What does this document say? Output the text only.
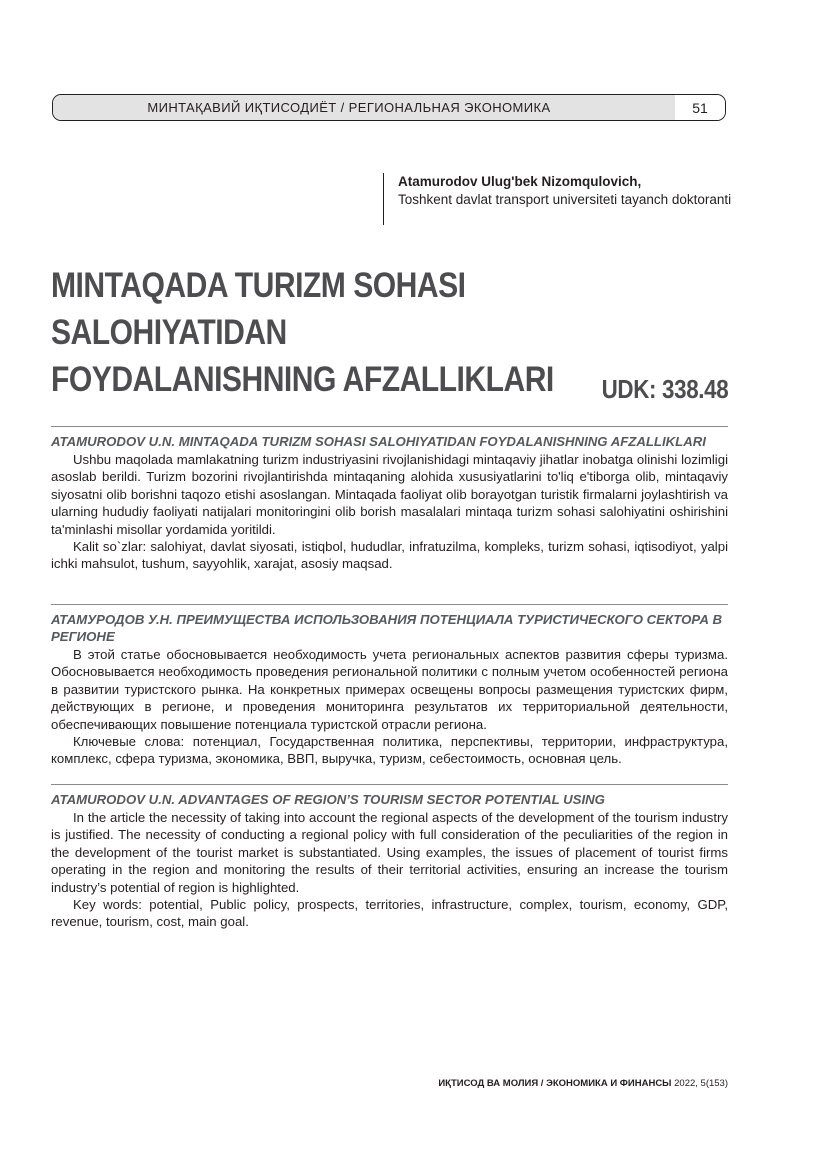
МИНТАҚАВИЙ ИҚТИСОДИЁТ / РЕГИОНАЛЬНАЯ ЭКОНОМИКА	51
Atamurodov Ulug'bek Nizomqulovich,
Toshkent davlat transport universiteti tayanch doktoranti
MINTAQADA TURIZM SOHASI SALOHIYATIDAN
FOYDALANISHNING AFZALLIKLARI	UDK: 338.48
ATAMURODOV U.N. MINTAQADA TURIZM SOHASI SALOHIYATIDAN FOYDALANISHNING AFZALLIKLARI

Ushbu maqolada mamlakatning turizm industriyasini rivojlanishidagi mintaqaviy jihatlar inobatga olinishi lozimligi asoslab berildi. Turizm bozorini rivojlantirishda mintaqaning alohida xususiyatlarini to'liq e'tiborga olib, mintaqaviy siyosatni olib borishni taqozo etishi asoslangan. Mintaqada faoliyat olib borayotgan turistik firmalarni joylashtirish va ularning hududiy faoliyati natijalari monitoringini olib borish masalalari mintaqa turizm sohasi salohiyatini oshirishini ta'minlashi misollar yordamida yoritildi.

Kalit so`zlar: salohiyat, davlat siyosati, istiqbol, hududlar, infratuzilma, kompleks, turizm sohasi, iqtisodiyot, yalpi ichki mahsulot, tushum, sayyohlik, xarajat, asosiy maqsad.

АТАМУРОДОВ У.Н. ПРЕИМУЩЕСТВА ИСПОЛЬЗОВАНИЯ ПОТЕНЦИАЛА ТУРИСТИЧЕСКОГО СЕКТОРА В РЕГИОНЕ

В этой статье обосновывается необходимость учета региональных аспектов развития сферы туризма. Обосновывается необходимость проведения региональной политики с полным учетом особенностей региона в развитии туристского рынка. На конкретных примерах освещены вопросы размещения туристских фирм, действующих в регионе, и проведения мониторинга результатов их территориальной деятельности, обеспечивающих повышение потенциала туристской отрасли региона.

Ключевые слова: потенциал, Государственная политика, перспективы, территории, инфраструктура, комплекс, сфера туризма, экономика, ВВП, выручка, туризм, себестоимость, основная цель.

ATAMURODOV U.N. ADVANTAGES OF REGION’S TOURISM SECTOR POTENTIAL USING

In the article the necessity of taking into account the regional aspects of the development of the tourism industry is justified. The necessity of conducting a regional policy with full consideration of the peculiarities of the region in the development of the tourist market is substantiated. Using examples, the issues of placement of tourist firms operating in the region and monitoring the results of their territorial activities, ensuring an increase the tourism industry’s potential of region is highlighted.

Key words: potential, Public policy, prospects, territories, infrastructure, complex, tourism, economy, GDP, revenue, tourism, cost, main goal.

ИҚТИСОД ВА МОЛИЯ / ЭКОНОМИКА И ФИНАНСЫ 2022, 5(153)
